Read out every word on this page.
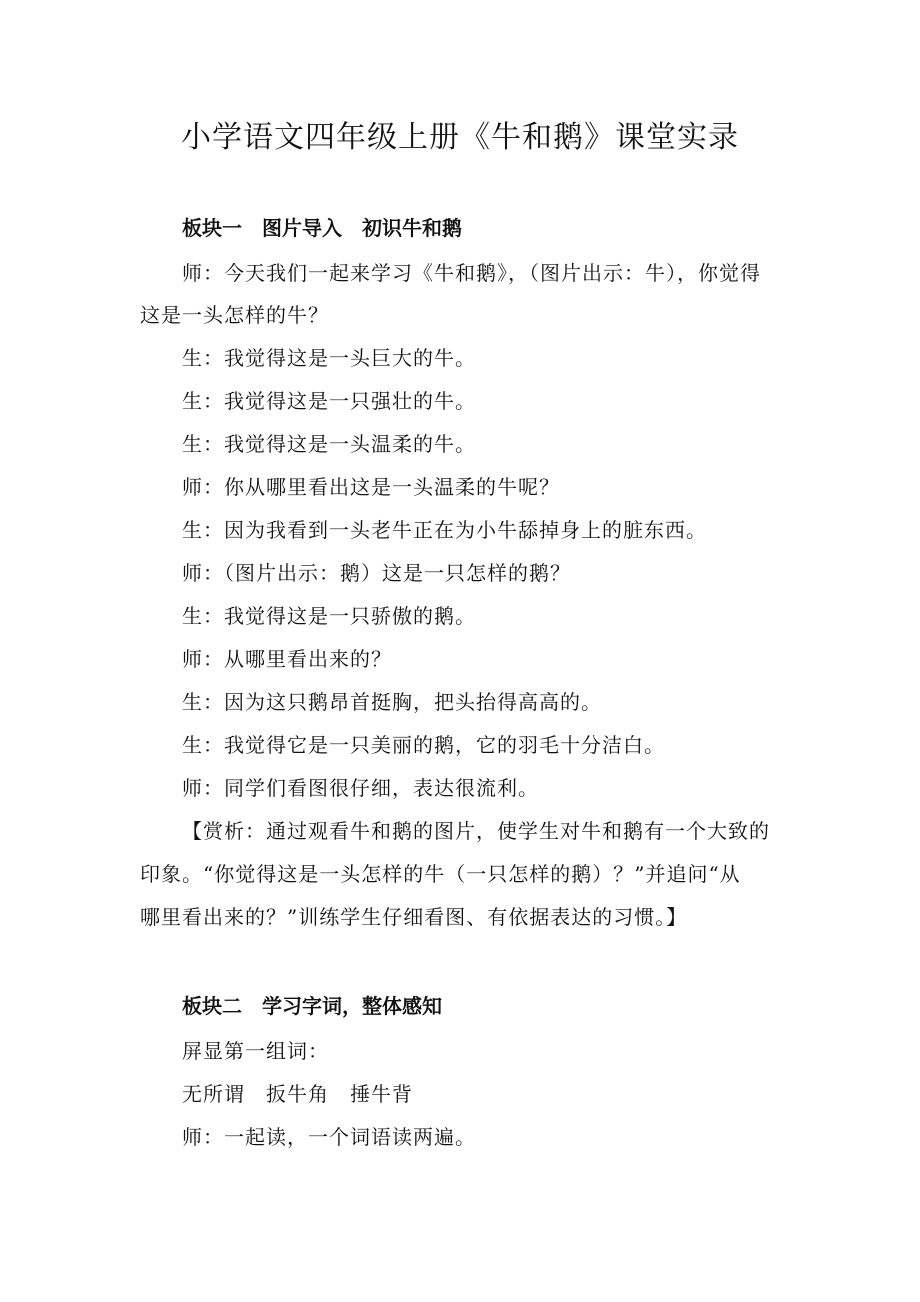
小学语文四年级上册《牛和鹅》课堂实录
板块一　图片导入　初识牛和鹅

师：今天我们一起来学习《牛和鹅》，（图片出示：牛），你觉得

这是一头怎样的牛？

生：我觉得这是一头巨大的牛。

生：我觉得这是一只强壮的牛。

生：我觉得这是一头温柔的牛。

师：你从哪里看出这是一头温柔的牛呢？

生：因为我看到一头老牛正在为小牛舔掉身上的脏东西。

师：（图片出示：鹅）这是一只怎样的鹅？

生：我觉得这是一只骄傲的鹅。

师：从哪里看出来的？

生：因为这只鹅昂首挺胸，把头抬得高高的。

生：我觉得它是一只美丽的鹅，它的羽毛十分洁白。

师：同学们看图很仔细，表达很流利。

【赏析：通过观看牛和鹅的图片，使学生对牛和鹅有一个大致的

印象。“你觉得这是一头怎样的牛（一只怎样的鹅）？”并追问“从

哪里看出来的？”训练学生仔细看图、有依据表达的习惯。】

板块二　学习字词，整体感知

屏显第一组词：

无所谓　扳牛角　捶牛背

师：一起读，一个词语读两遍。
